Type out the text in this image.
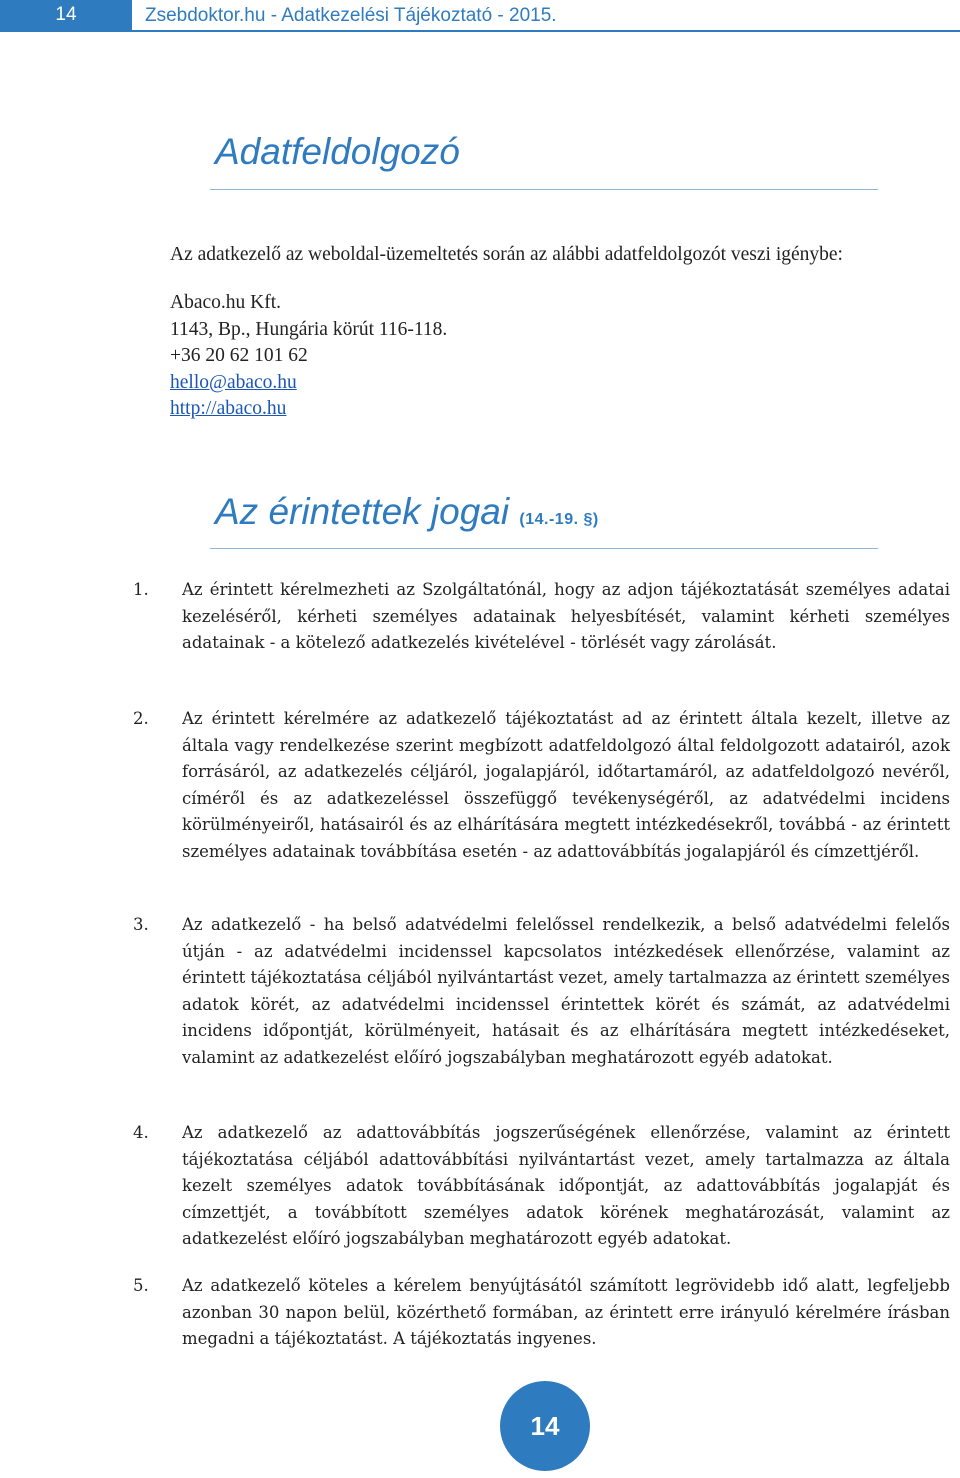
14	Zsebdoktor.hu - Adatkezelési Tájékoztató - 2015.
Adatfeldolgozó
Az adatkezelő az weboldal-üzemeltetés során az alábbi adatfeldolgozót veszi igénybe:
Abaco.hu Kft.
1143, Bp., Hungária körút 116-118.
+36 20 62 101 62
hello@abaco.hu
http://abaco.hu
Az érintettek jogai (14.-19. §)
1. Az érintett kérelmezheti az Szolgáltatónál, hogy az adjon tájékoztatását személyes adatai kezeléséről, kérheti személyes adatainak helyesbítését, valamint kérheti személyes adatainak - a kötelező adatkezelés kivételével - törlését vagy zárolását.
2. Az érintett kérelmére az adatkezelő tájékoztatást ad az érintett általa kezelt, illetve az általa vagy rendelkezése szerint megbízott adatfeldolgozó által feldolgozott adatairól, azok forrásáról, az adatkezelés céljáról, jogalapjáról, időtartamáról, az adatfeldolgozó nevéről, címéről és az adatkezeléssel összefüggő tevékenységéről, az adatvédelmi incidens körülményeiről, hatásairól és az elhárítására megtett intézkedésekről, továbbá - az érintett személyes adatainak továbbítása esetén - az adattovábbítás jogalapjáról és címzettjéről.
3. Az adatkezelő - ha belső adatvédelmi felelőssel rendelkezik, a belső adatvédelmi felelős útján - az adatvédelmi incidenssel kapcsolatos intézkedések ellenőrzése, valamint az érintett tájékoztatása céljából nyilvántartást vezet, amely tartalmazza az érintett személyes adatok körét, az adatvédelmi incidenssel érintettek körét és számát, az adatvédelmi incidens időpontját, körülményeit, hatásait és az elhárítására megtett intézkedéseket, valamint az adatkezelést előíró jogszabályban meghatározott egyéb adatokat.
4. Az adatkezelő az adattovábbítás jogszerűségének ellenőrzése, valamint az érintett tájékoztatása céljából adattovábbítási nyilvántartást vezet, amely tartalmazza az általa kezelt személyes adatok továbbításának időpontját, az adattovábbítás jogalapját és címzettjét, a továbbított személyes adatok körének meghatározását, valamint az adatkezelést előíró jogszabályban meghatározott egyéb adatokat.
5. Az adatkezelő köteles a kérelem benyújtásától számított legrövidebb idő alatt, legfeljebb azonban 30 napon belül, közérthető formában, az érintett erre irányuló kérelmére írásban megadni a tájékoztatást. A tájékoztatás ingyenes.
14
